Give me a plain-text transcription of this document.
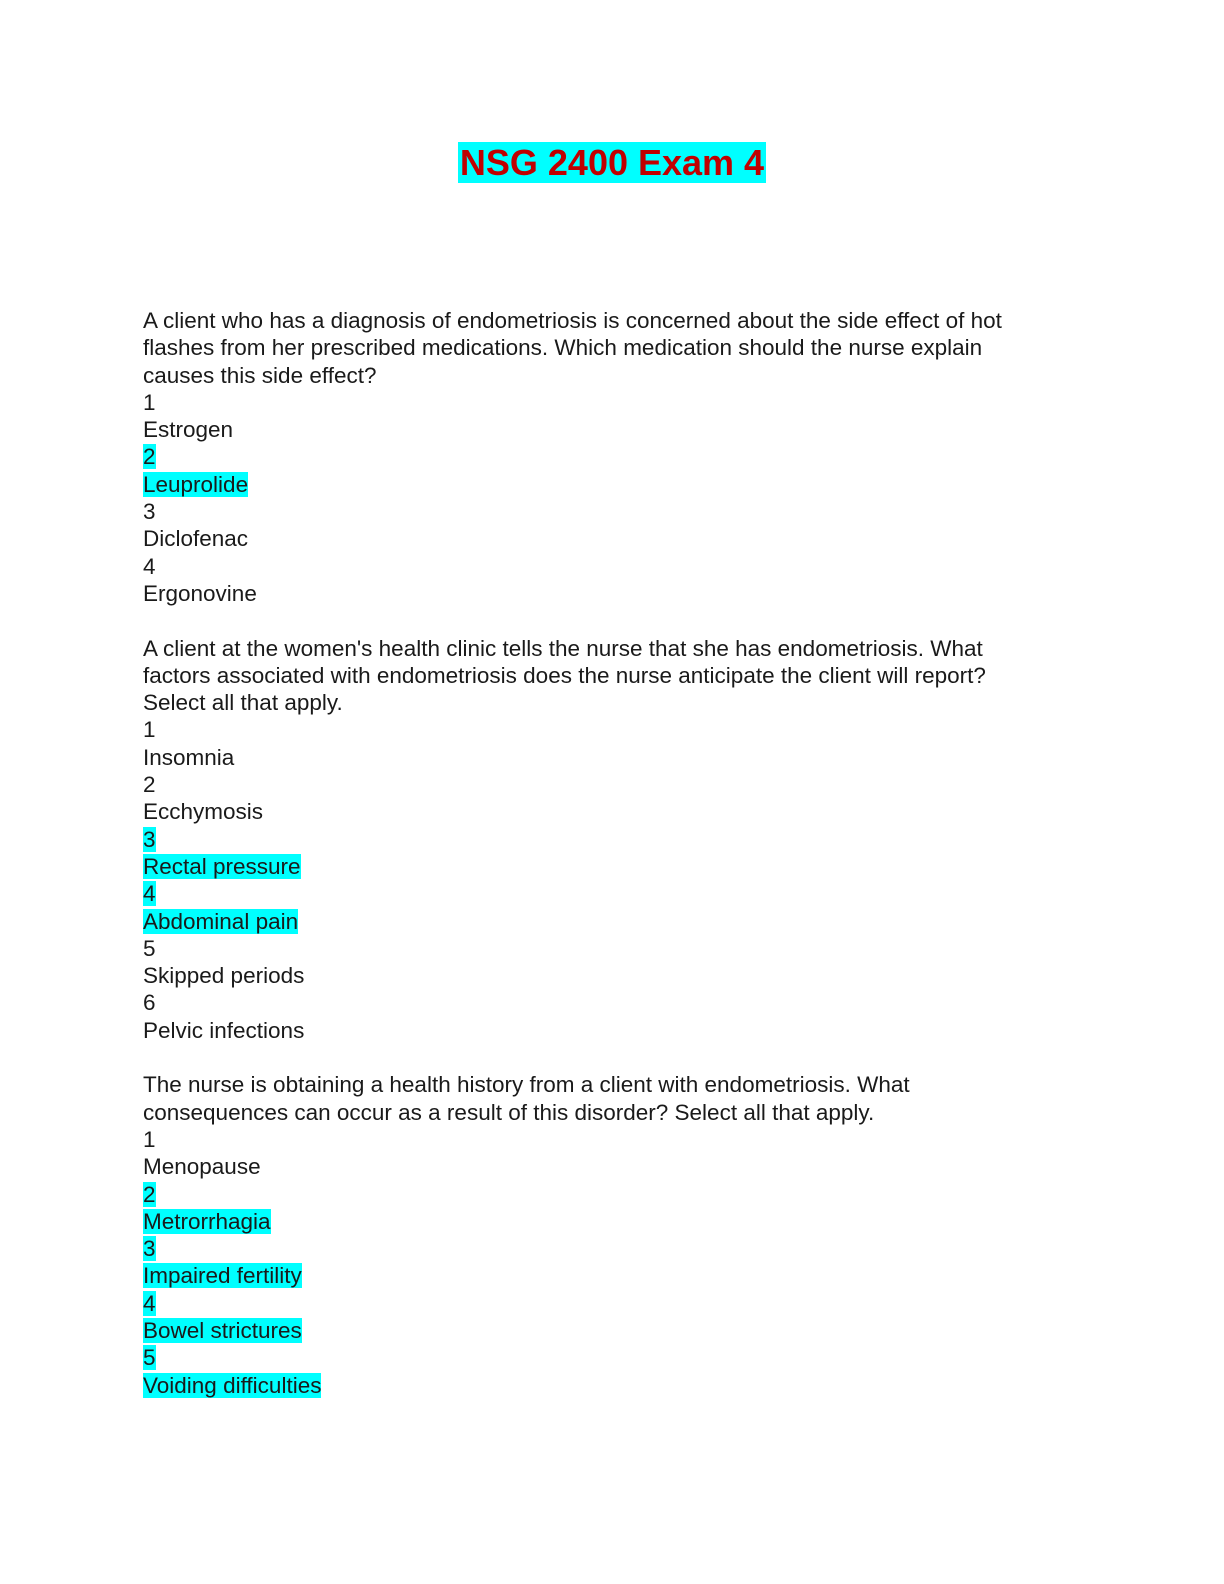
NSG 2400 Exam 4
A client who has a diagnosis of endometriosis is concerned about the side effect of hot
flashes from her prescribed medications. Which medication should the nurse explain
causes this side effect?
1
Estrogen
2
Leuprolide
3
Diclofenac
4
Ergonovine
A client at the women's health clinic tells the nurse that she has endometriosis. What
factors associated with endometriosis does the nurse anticipate the client will report?
Select all that apply.
1
Insomnia
2
Ecchymosis
3
Rectal pressure
4
Abdominal pain
5
Skipped periods
6
Pelvic infections
The nurse is obtaining a health history from a client with endometriosis. What
consequences can occur as a result of this disorder? Select all that apply.
1
Menopause
2
Metrorrhagia
3
Impaired fertility
4
Bowel strictures
5
Voiding difficulties
